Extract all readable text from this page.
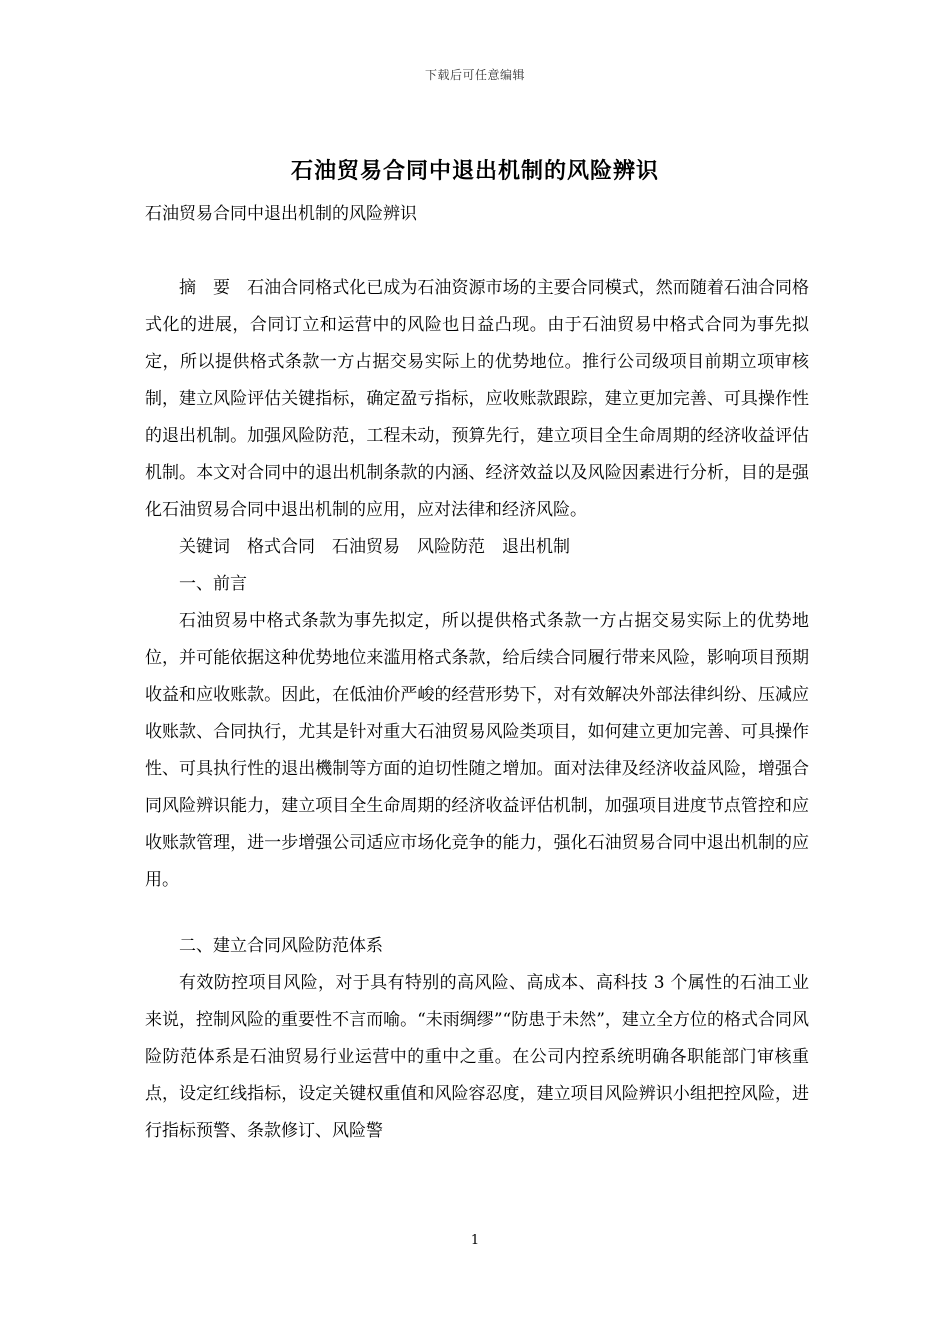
下载后可任意编辑
石油贸易合同中退出机制的风险辨识

石油贸易合同中退出机制的风险辨识

摘　要　石油合同格式化已成为石油资源市场的主要合同模式，然而随着石油合同格式化的进展，合同订立和运营中的风险也日益凸现。由于石油贸易中格式合同为事先拟定，所以提供格式条款一方占据交易实际上的优势地位。推行公司级项目前期立项审核制，建立风险评估关键指标，确定盈亏指标，应收账款跟踪，建立更加完善、可具操作性的退出机制。加强风险防范，工程未动，预算先行，建立项目全生命周期的经济收益评估机制。本文对合同中的退出机制条款的内涵、经济效益以及风险因素进行分析，目的是强化石油贸易合同中退出机制的应用，应对法律和经济风险。

关键词　格式合同　石油贸易　风险防范　退出机制

一、前言

石油贸易中格式条款为事先拟定，所以提供格式条款一方占据交易实际上的优势地位，并可能依据这种优势地位来滥用格式条款，给后续合同履行带来风险，影响项目预期收益和应收账款。因此，在低油价严峻的经营形势下，对有效解决外部法律纠纷、压减应收账款、合同执行，尤其是针对重大石油贸易风险类项目，如何建立更加完善、可具操作性、可具执行性的退出機制等方面的迫切性随之增加。面对法律及经济收益风险，增强合同风险辨识能力，建立项目全生命周期的经济收益评估机制，加强项目进度节点管控和应收账款管理，进一步增强公司适应市场化竞争的能力，强化石油贸易合同中退出机制的应用。

二、建立合同风险防范体系

有效防控项目风险，对于具有特别的高风险、高成本、高科技 3 个属性的石油工业来说，控制风险的重要性不言而喻。“未雨绸缪”“防患于未然”，建立全方位的格式合同风险防范体系是石油贸易行业运营中的重中之重。在公司内控系统明确各职能部门审核重点，设定红线指标，设定关键权重值和风险容忍度，建立项目风险辨识小组把控风险，进行指标预警、条款修订、风险警

1
